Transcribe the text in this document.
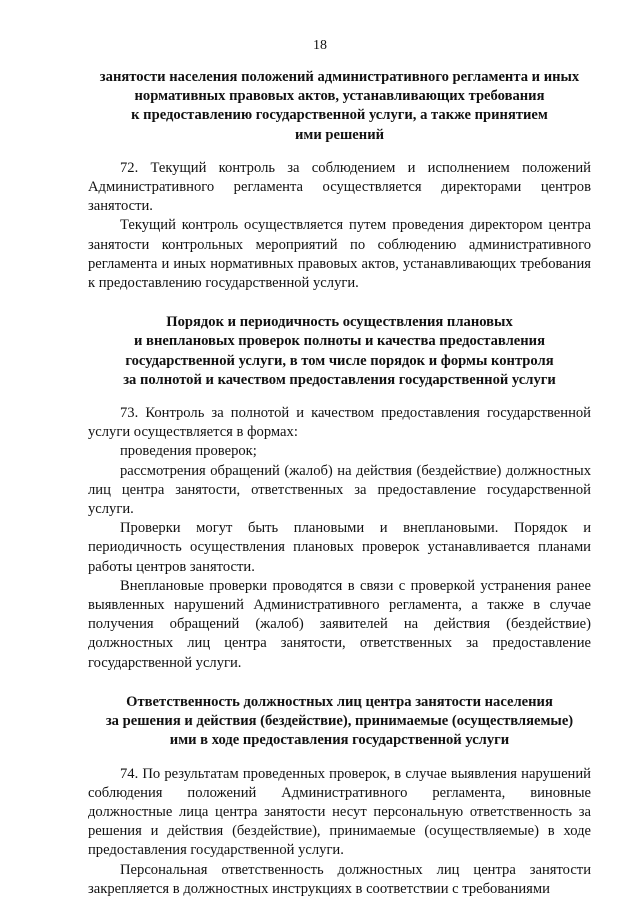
18
занятости населения положений административного регламента и иных
нормативных правовых актов, устанавливающих требования
к предоставлению государственной услуги, а также принятием
ими решений

72. Текущий контроль за соблюдением и исполнением положений Административного регламента осуществляется директорами центров занятости.

Текущий контроль осуществляется путем проведения директором центра занятости контрольных мероприятий по соблюдению административного регламента и иных нормативных правовых актов, устанавливающих требования к предоставлению государственной услуги.

Порядок и периодичность осуществления плановых
и внеплановых проверок полноты и качества предоставления
государственной услуги, в том числе порядок и формы контроля
за полнотой и качеством предоставления государственной услуги

73. Контроль за полнотой и качеством предоставления государственной услуги осуществляется в формах:

проведения проверок;

рассмотрения обращений (жалоб) на действия (бездействие) должностных лиц центра занятости, ответственных за предоставление государственной услуги.

Проверки могут быть плановыми и внеплановыми. Порядок и периодичность осуществления плановых проверок устанавливается планами работы центров занятости.

Внеплановые проверки проводятся в связи с проверкой устранения ранее выявленных нарушений Административного регламента, а также в случае получения обращений (жалоб) заявителей на действия (бездействие) должностных лиц центра занятости, ответственных за предоставление государственной услуги.

Ответственность должностных лиц центра занятости населения
за решения и действия (бездействие), принимаемые (осуществляемые)
ими в ходе предоставления государственной услуги

74. По результатам проведенных проверок, в случае выявления нарушений соблюдения положений Административного регламента, виновные должностные лица центра занятости несут персональную ответственность за решения и действия (бездействие), принимаемые (осуществляемые) в ходе предоставления государственной услуги.

Персональная ответственность должностных лиц центра занятости закрепляется в должностных инструкциях в соответствии с требованиями
